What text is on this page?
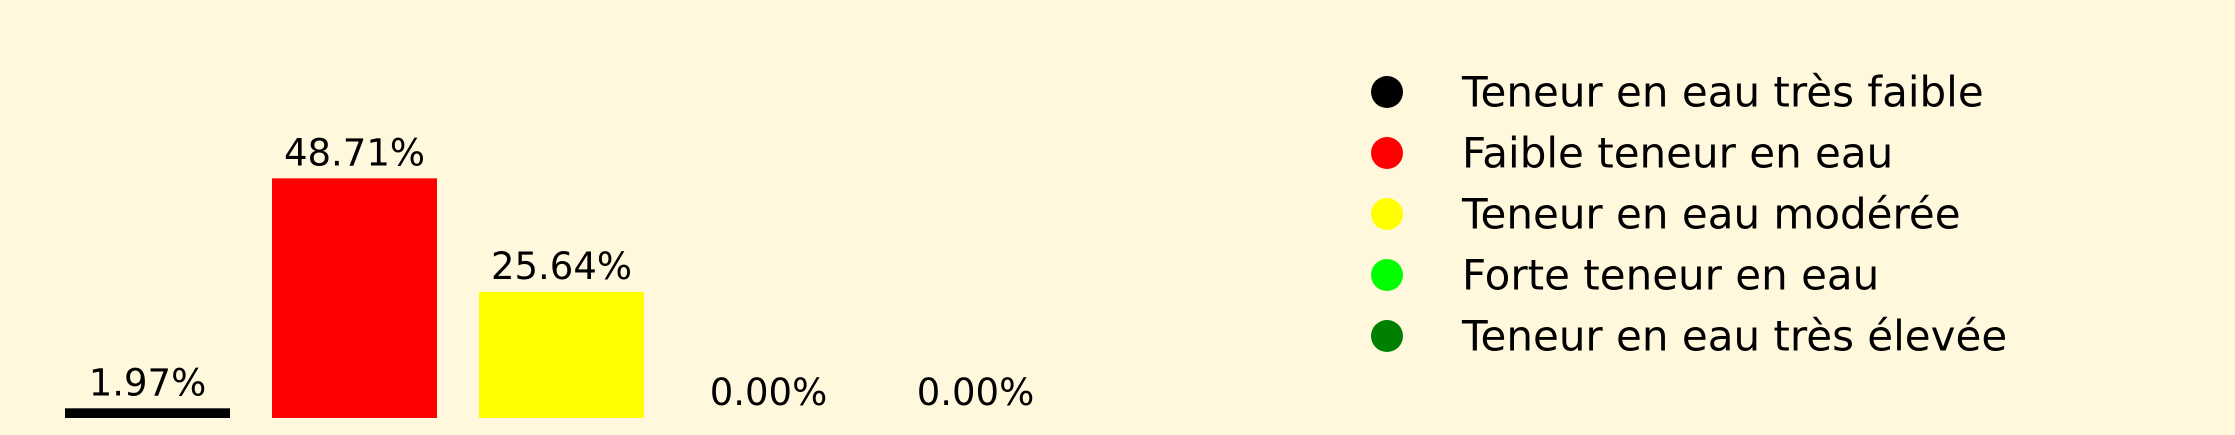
1.97%
48.71%
25.64%
0.00% 0.00%
Teneur en eau très faible
Faible teneur en eau
Teneur en eau modérée
Forte teneur en eau
Teneur en eau très élevée
